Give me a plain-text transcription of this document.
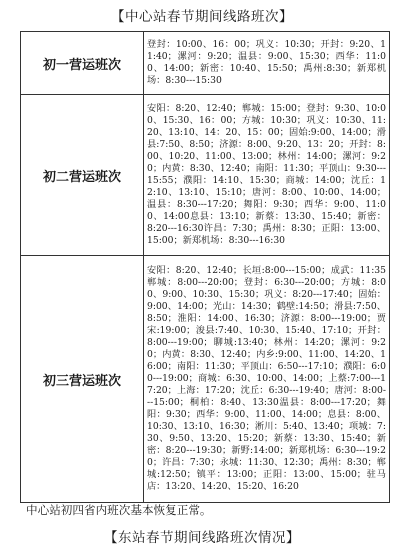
【中心站春节期间线路班次】
初一营运班次	登封：10:00、16：00；巩义：10:30；开封：9:20、11:40；漯河：9:20；温县：9:00、15:30；西华：11:00、14:00；新密：10:40、15:50；禹州:8:30；新郑机场：8:30---15:30
初二营运班次	安阳：8:20、12:40；郸城：15:00；登封：9:30、10:00、15:30、16：00；方城：10:30；巩义：10:30、11:20、13:10、14：20、15：00；固始:9:00、14:00；滑县:7:50、8:50；济源：8:00、9:20、13：20；开封：8:00、10:20、11:00、13:00；林州：14:00；漯河：9:20；内黄：8:30、12:40；南阳：11:30；平顶山：9:30---15:55；濮阳：14:10、15:30；商城：14:00；沈丘：12:10、13:10、15:10；唐河：8:00、10:00、14:00；温县：8:30---17:20；舞阳：9:30；西华：9:00、11:00、14:00息县：13:10；新蔡：13:30、15:40；新密：8:20---16:30许昌：7:30；禹州：8:30；正阳：13:00、15:00；新郑机场：8:30---16:30
初三营运班次	安阳：8:20、12:40；长垣:8:00---15:00；成武：11:35郸城：8:00---20:00；登封：6:30---20:00；方城：8:00、9:00、10:30、15:30；巩义：8:20---17:40；固始：9:00、14:00；光山：14:30；鹤壁:14:50；滑县:7:50、8:50；淮阳：14:00、16:30；济源：8:00---19:00；贾宋:19:00；浚县:7:40、10:30、15:40、17:10；开封：8:00---19:00；聊城:13:40；林州：14:20；漯河：9:20；内黄：8:30、12:40；内乡:9:00、11:00、14:20、16:00；南阳：11:30；平顶山：6:50---17:10；濮阳：6:00---19:00；商城：6:30、10:00、14:00；上蔡:7:00---17:20；上海：17:20；沈丘：6:30---19:40；唐河：8:00---15:00；桐柏：8:40、13:30温县：8:00---17:20；舞阳：9:30；西华：9:00、11:00、14:00；息县：8:00、10:30、13:10、16:30；淅川：5:40、13:40；项城：7:30、9:50、13:20、15:20；新蔡：13:30、15:40；新密：8:20---19:30；新野:14:00；新郑机场：6:30---19:20；许昌：7:30；永城：11:30、12:30；禹州：8:30；郸城:12:50；镇平：13:00；正阳：13:00、15:00；驻马店：13:20、14:20、15:20、16:20
中心站初四省内班次基本恢复正常。
【东站春节期间线路班次情况】
